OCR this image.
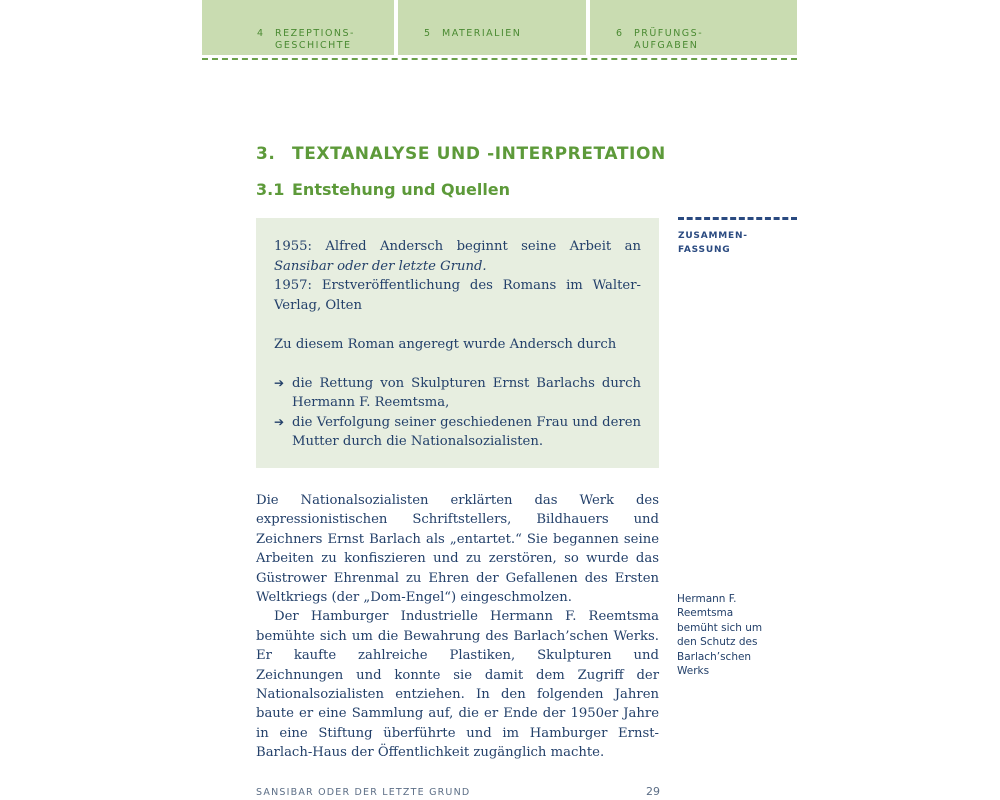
4 REZEPTIONS-
GESCHICHTE
5 MATERIALIEN	6 PRÜFUNGS-
AUFGABEN
3. TEXTANALYSE UND -INTERPRETATION
3.1 Entstehung und Quellen

1955: Alfred Andersch beginnt seine Arbeit an Sansibar oder der letzte Grund.

1957: Erstveröffentlichung des Romans im Walter-Verlag, Olten

Zu diesem Roman angeregt wurde Andersch durch

➔ die Rettung von Skulpturen Ernst Barlachs durch Hermann F. Reemtsma,
➔ die Verfolgung seiner geschiedenen Frau und deren Mutter durch die Nationalsozialisten.

Die Nationalsozialisten erklärten das Werk des expressionistischen Schriftstellers, Bildhauers und Zeichners Ernst Barlach als „entartet.“ Sie begannen seine Arbeiten zu konfiszieren und zu zerstören, so wurde das Güstrower Ehrenmal zu Ehren der Gefallenen des Ersten Weltkriegs (der „Dom-Engel“) eingeschmolzen.

Der Hamburger Industrielle Hermann F. Reemtsma bemühte sich um die Bewahrung des Barlach’schen Werks. Er kaufte zahlreiche Plastiken, Skulpturen und Zeichnungen und konnte sie damit dem Zugriff der Nationalsozialisten entziehen. In den folgenden Jahren baute er eine Sammlung auf, die er Ende der 1950er Jahre in eine Stiftung überführte und im Hamburger Ernst-Barlach-Haus der Öffentlichkeit zugänglich machte.

ZUSAMMEN-
FASSUNG
Hermann F. Reemtsma bemüht sich um den Schutz des Barlach’schen Werks
SANSIBAR ODER DER LETZTE GRUND	29
